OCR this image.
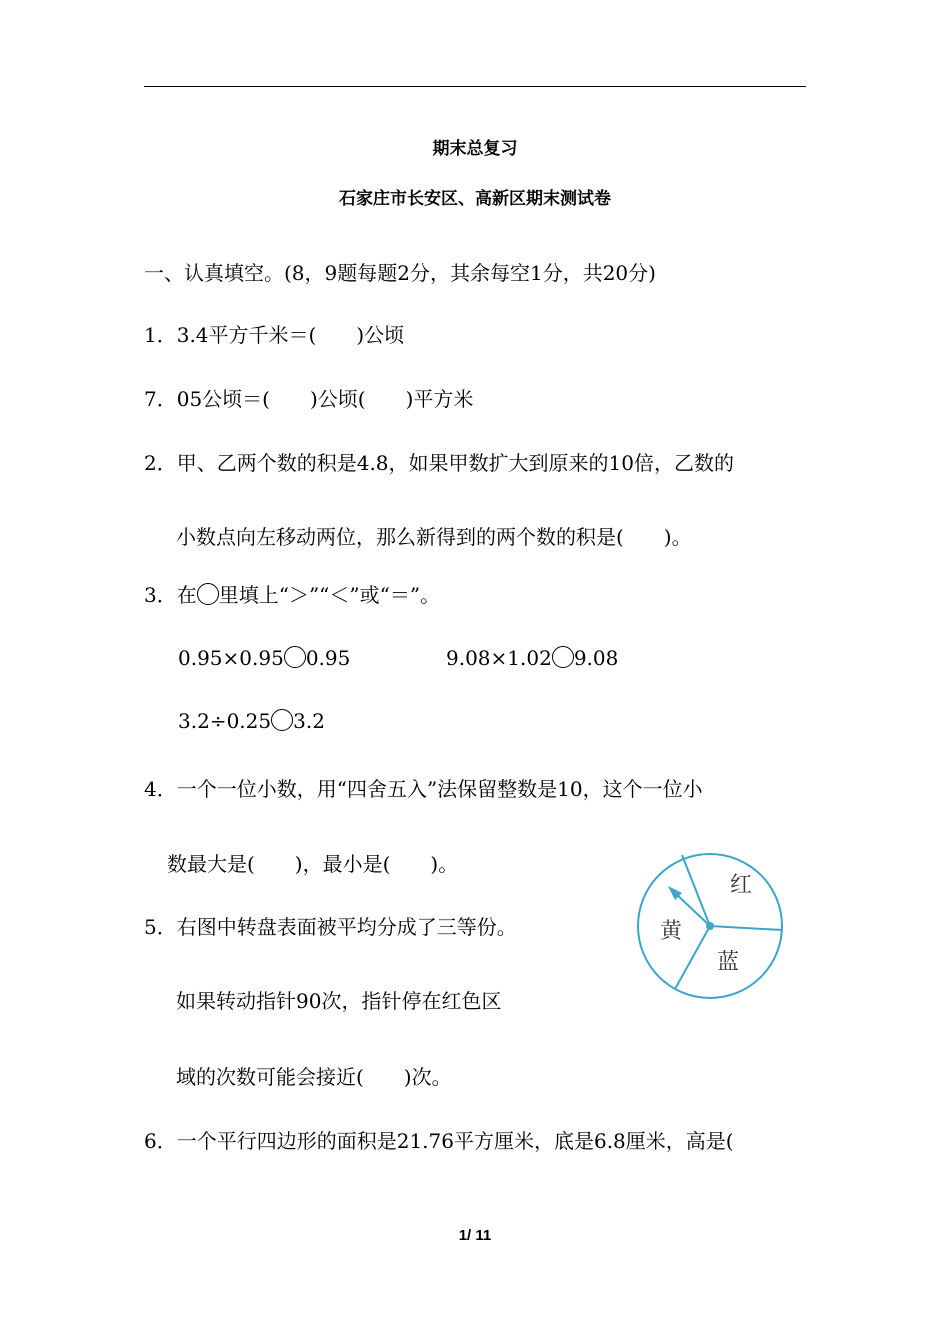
期末总复习
石家庄市长安区、高新区期末测试卷
一、认真填空。(8，9题每题2分，其余每空1分，共20分)
1．3.4平方千米＝(　　)公顷
7．05公顷＝(　　)公顷(　　)平方米
2．甲、乙两个数的积是4.8，如果甲数扩大到原来的10倍，乙数的
小数点向左移动两位，那么新得到的两个数的积是(　　)。
3．在 里填上“＞”“＜”或“＝”。
0.95×0.95 0.95	9.08×1.02 9.08
3.2÷0.25 3.2
4．一个一位小数，用“四舍五入”法保留整数是10，这个一位小
数最大是(　　)，最小是(　　)。
5．右图中转盘表面被平均分成了三等份。
如果转动指针90次，指针停在红色区
域的次数可能会接近(　　)次。
6．一个平行四边形的面积是21.76平方厘米，底是6.8厘米，高是(
红
黄
蓝
1/ 11
